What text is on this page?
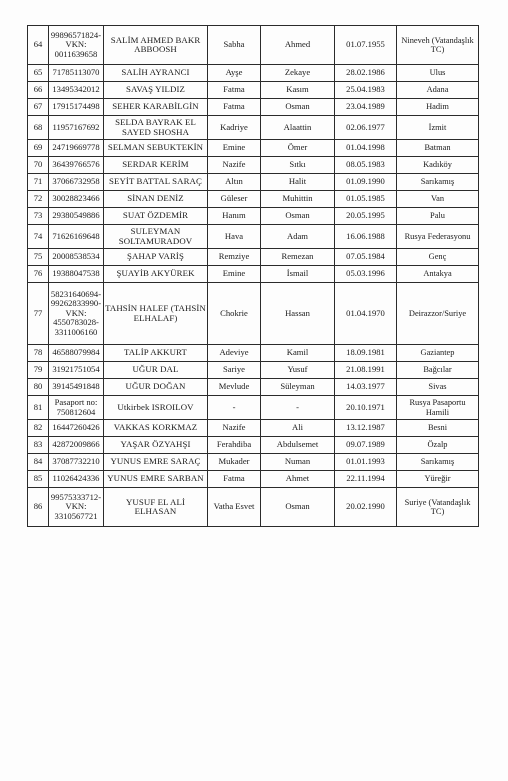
64	99896571824-
VKN:
0011639658	SALİM AHMED BAKR
ABBOOSH	Sabha	Ahmed	01.07.1955	Nineveh (Vatandaşlık
TC)
65	71785113070	SALİH AYRANCI	Ayşe	Zekaye	28.02.1986	Ulus
66	13495342012	SAVAŞ YILDIZ	Fatma	Kasım	25.04.1983	Adana
67	17915174498	SEHER KARABİLGİN	Fatma	Osman	23.04.1989	Hadim
68	11957167692	SELDA BAYRAK EL
SAYED SHOSHA	Kadriye	Alaattin	02.06.1977	İzmit
69	24719669778	SELMAN SEBUKTEKİN	Emine	Ömer	01.04.1998	Batman
70	36439766576	SERDAR KERİM	Nazife	Sıtkı	08.05.1983	Kadıköy
71	37066732958	SEYİT BATTAL SARAÇ	Altın	Halit	01.09.1990	Sarıkamış
72	30028823466	SİNAN DENİZ	Güleser	Muhittin	01.05.1985	Van
73	29380549886	SUAT ÖZDEMİR	Hanım	Osman	20.05.1995	Palu
74	71626169648	SULEYMAN
SOLTAMURADOV	Hava	Adam	16.06.1988	Rusya Federasyonu
75	20008538534	ŞAHAP VARİŞ	Remziye	Remezan	07.05.1984	Genç
76	19388047538	ŞUAYİB AKYÜREK	Emine	İsmail	05.03.1996	Antakya
77	58231640694-
99262833990-
VKN:
4550783028-
3311006160	TAHSİN HALEF (TAHSİN
ELHALAF)	Chokrie	Hassan	01.04.1970	Deirazzor/Suriye
78	46588079984	TALİP AKKURT	Adeviye	Kamil	18.09.1981	Gaziantep
79	31921751054	UĞUR DAL	Sariye	Yusuf	21.08.1991	Bağcılar
80	39145491848	UĞUR DOĞAN	Mevlude	Süleyman	14.03.1977	Sivas
81	Pasaport no:
750812604	Utkirbek ISROILOV	-	-	20.10.1971	Rusya Pasaportu
Hamili
82	16447260426	VAKKAS KORKMAZ	Nazife	Ali	13.12.1987	Besni
83	42872009866	YAŞAR ÖZYAHŞI	Ferahdiba	Abdulsemet	09.07.1989	Özalp
84	37087732210	YUNUS EMRE SARAÇ	Mukader	Numan	01.01.1993	Sarıkamış
85	11026424336	YUNUS EMRE SARBAN	Fatma	Ahmet	22.11.1994	Yüreğir
86	99575333712-
VKN:
3310567721	YUSUF EL ALİ ELHASAN	Vatha Esvet	Osman	20.02.1990	Suriye (Vatandaşlık
TC)
